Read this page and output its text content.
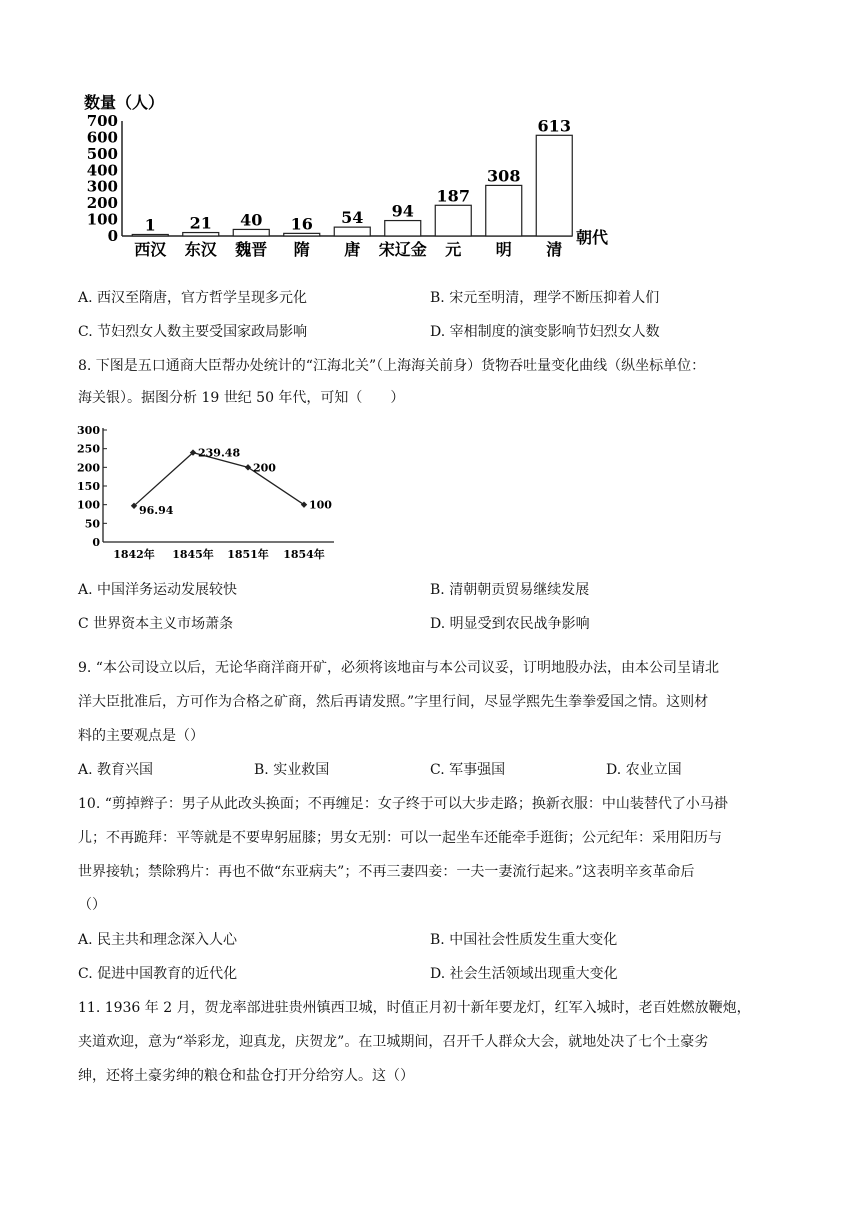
数量（人）
朝代
0
100
200
300
400
500
600
700
1
西汉
21
东汉
40
魏晋
16
隋
54
唐
94
宋辽金
187
元
308
明
613
清
A. 西汉至隋唐，官方哲学呈现多元化	B. 宋元至明清，理学不断压抑着人们
C. 节妇烈女人数主要受国家政局影响	D. 宰相制度的演变影响节妇烈女人数
8. 下图是五口通商大臣帮办处统计的“江海北关”（上海海关前身）货物吞吐量变化曲线（纵坐标单位：
海关银）。据图分析 19 世纪 50 年代，可知（　　）
0
50
100
150
200
250
300
1842年 1845年 1851年 1854年
96.94
239.48
200
100
A. 中国洋务运动发展较快	B. 清朝朝贡贸易继续发展
C 世界资本主义市场萧条	D. 明显受到农民战争影响
9. “本公司设立以后，无论华商洋商开矿，必须将该地亩与本公司议妥，订明地股办法，由本公司呈请北
洋大臣批准后，方可作为合格之矿商，然后再请发照。”字里行间，尽显学熙先生拳拳爱国之情。这则材
料的主要观点是（）
A. 教育兴国	B. 实业救国	C. 军事强国	D. 农业立国
10. “剪掉辫子：男子从此改头换面；不再缠足：女子终于可以大步走路；换新衣服：中山装替代了小马褂
儿；不再跪拜：平等就是不要卑躬屈膝；男女无别：可以一起坐车还能牵手逛街；公元纪年：采用阳历与
世界接轨；禁除鸦片：再也不做“东亚病夫”；不再三妻四妾：一夫一妻流行起来。”这表明辛亥革命后
（）
A. 民主共和理念深入人心	B. 中国社会性质发生重大变化
C. 促进中国教育的近代化	D. 社会生活领域出现重大变化
11. 1936 年 2 月，贺龙率部进驻贵州镇西卫城，时值正月初十新年要龙灯，红军入城时，老百姓燃放鞭炮，
夹道欢迎，意为“举彩龙，迎真龙，庆贺龙”。在卫城期间，召开千人群众大会，就地处决了七个土豪劣
绅，还将土豪劣绅的粮仓和盐仓打开分给穷人。这（）
